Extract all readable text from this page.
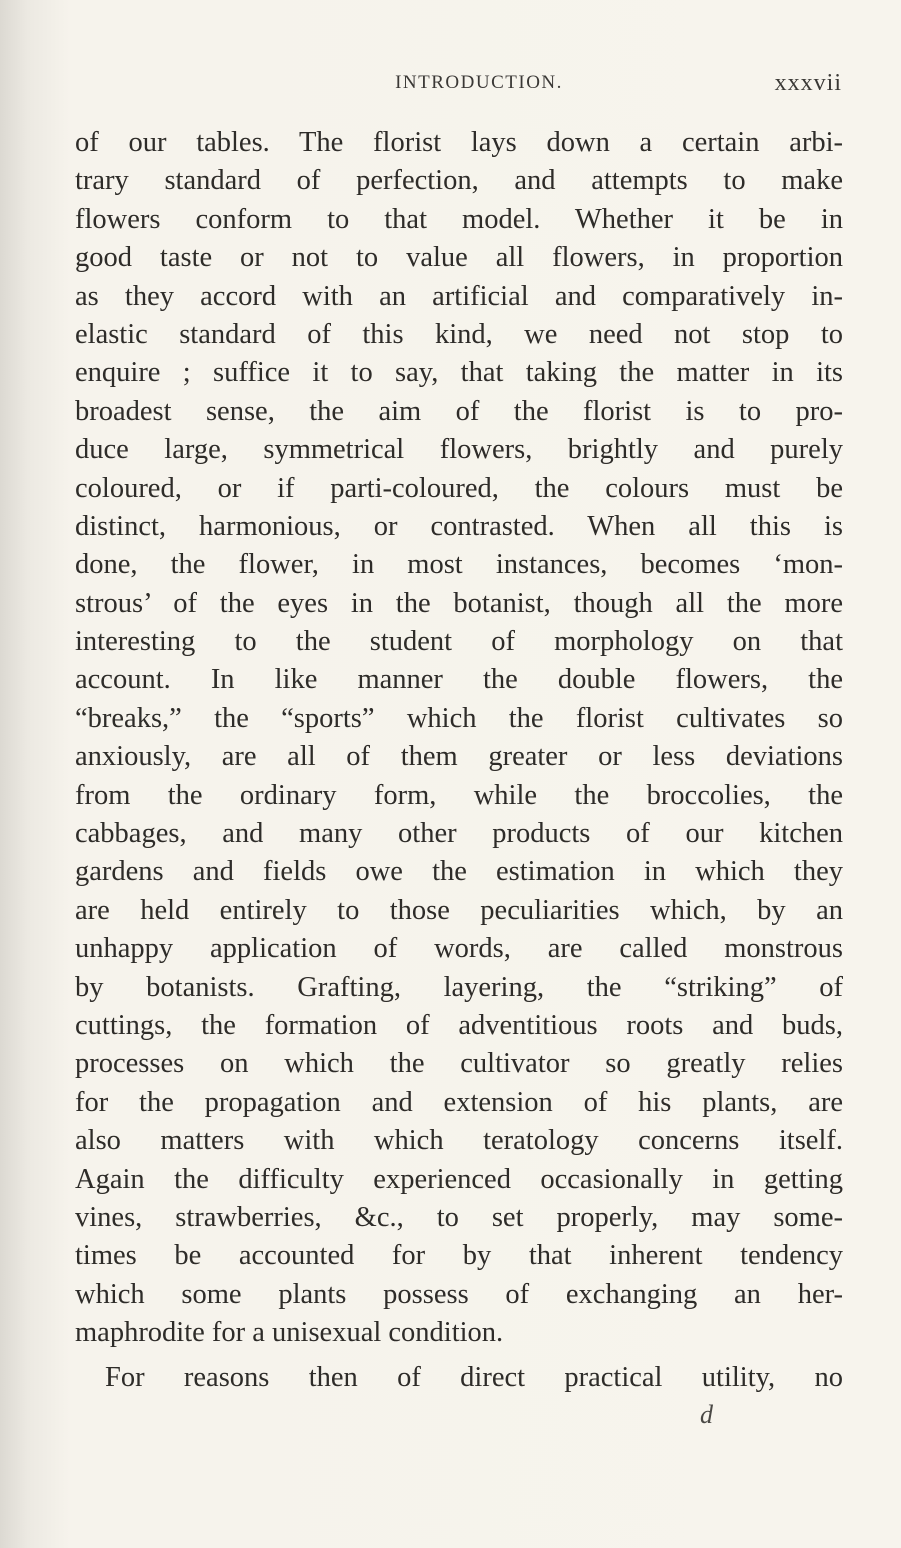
INTRODUCTION.	xxxvii
of our tables. The florist lays down a certain arbi-
trary standard of perfection, and attempts to make
flowers conform to that model. Whether it be in
good taste or not to value all flowers, in proportion
as they accord with an artificial and comparatively in-
elastic standard of this kind, we need not stop to
enquire ; suffice it to say, that taking the matter in its
broadest sense, the aim of the florist is to pro-
duce large, symmetrical flowers, brightly and purely
coloured, or if parti-coloured, the colours must be
distinct, harmonious, or contrasted. When all this is
done, the flower, in most instances, becomes ‘mon-
strous’ of the eyes in the botanist, though all the more
interesting to the student of morphology on that
account. In like manner the double flowers, the
“breaks,” the “sports” which the florist cultivates so
anxiously, are all of them greater or less deviations
from the ordinary form, while the broccolies, the
cabbages, and many other products of our kitchen
gardens and fields owe the estimation in which they
are held entirely to those peculiarities which, by an
unhappy application of words, are called monstrous
by botanists. Grafting, layering, the “striking” of
cuttings, the formation of adventitious roots and buds,
processes on which the cultivator so greatly relies
for the propagation and extension of his plants, are
also matters with which teratology concerns itself.
Again the difficulty experienced occasionally in getting
vines, strawberries, &c., to set properly, may some-
times be accounted for by that inherent tendency
which some plants possess of exchanging an her-
maphrodite for a unisexual condition.
For reasons then of direct practical utility, no
d
